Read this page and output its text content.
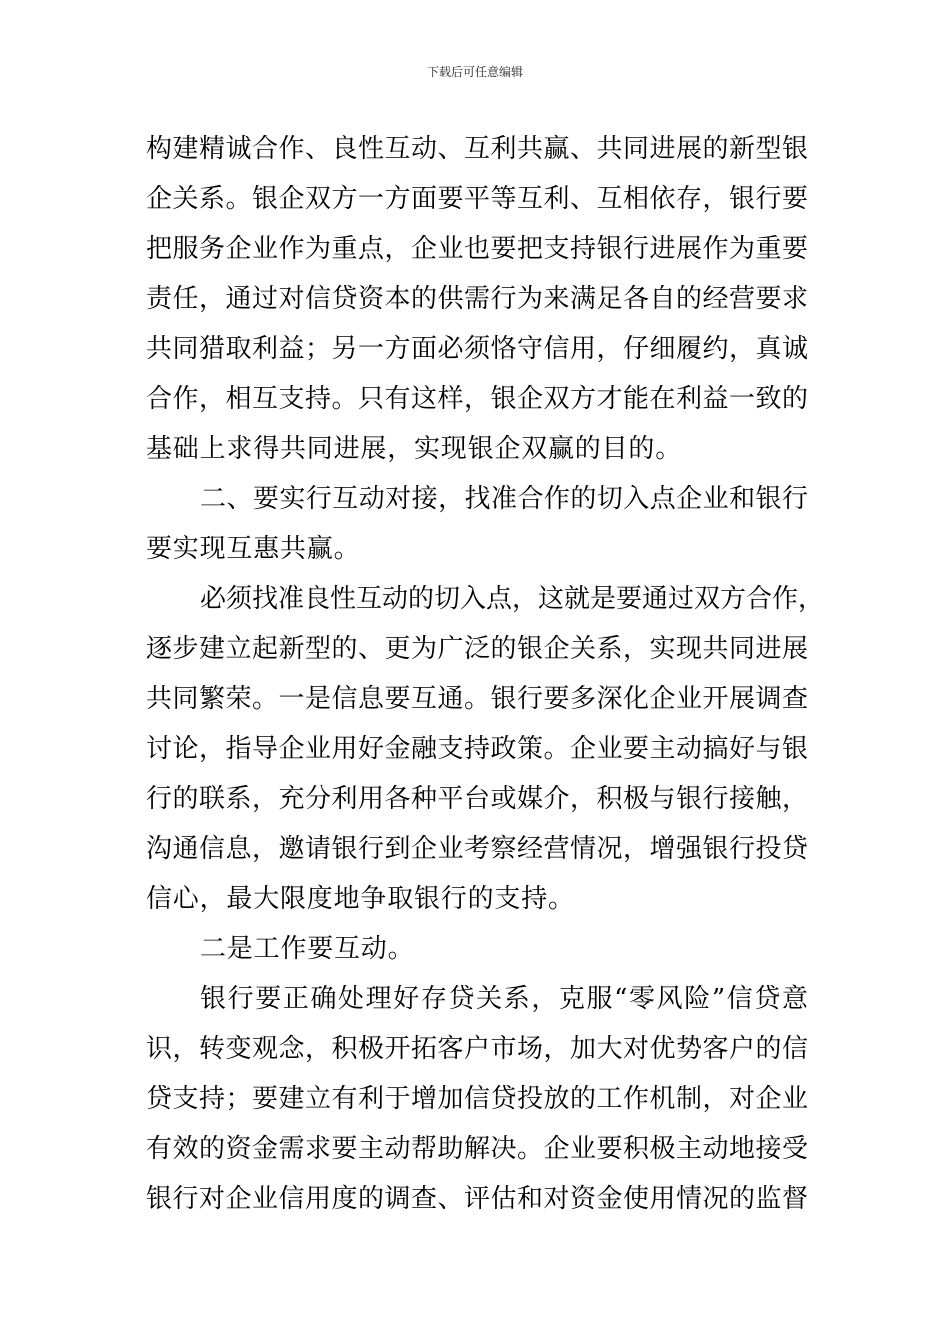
下载后可任意编辑
构建精诚合作、良性互动、互利共赢、共同进展的新型银
企关系。银企双方一方面要平等互利、互相依存，银行要
把服务企业作为重点，企业也要把支持银行进展作为重要
责任，通过对信贷资本的供需行为来满足各自的经营要求
共同猎取利益；另一方面必须恪守信用，仔细履约，真诚
合作，相互支持。只有这样，银企双方才能在利益一致的
基础上求得共同进展，实现银企双赢的目的。
二、要实行互动对接，找准合作的切入点企业和银行
要实现互惠共赢。
必须找准良性互动的切入点，这就是要通过双方合作，
逐步建立起新型的、更为广泛的银企关系，实现共同进展
共同繁荣。一是信息要互通。银行要多深化企业开展调查
讨论，指导企业用好金融支持政策。企业要主动搞好与银
行的联系，充分利用各种平台或媒介，积极与银行接触，
沟通信息，邀请银行到企业考察经营情况，增强银行投贷
信心，最大限度地争取银行的支持。
二是工作要互动。
银行要正确处理好存贷关系，克服“零风险”信贷意
识，转变观念，积极开拓客户市场，加大对优势客户的信
贷支持；要建立有利于增加信贷投放的工作机制，对企业
有效的资金需求要主动帮助解决。企业要积极主动地接受
银行对企业信用度的调查、评估和对资金使用情况的监督
